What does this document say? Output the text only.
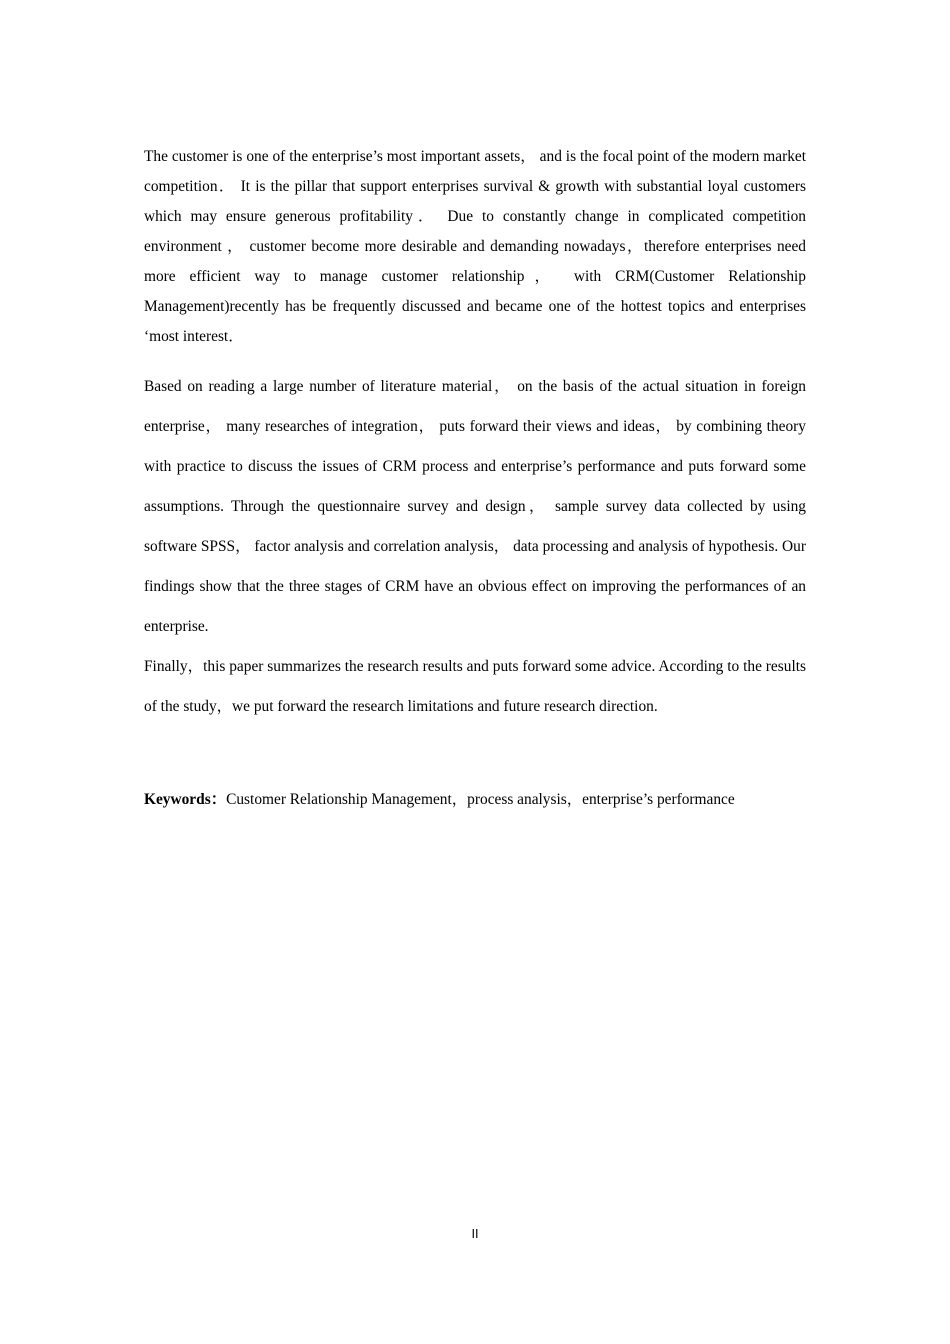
The customer is one of the enterprise’s most important assets， and is the focal point of the modern market competition． It is the pillar that support enterprises survival & growth with substantial loyal customers which may ensure generous profitability． Due to constantly change in complicated competition environment ， customer become more desirable and demanding nowadays，therefore enterprises need more efficient way to manage customer relationship， with CRM(Customer Relationship Management)recently has be frequently discussed and became one of the hottest topics and enterprises ‘most interest．

Based on reading a large number of literature material， on the basis of the actual situation in foreign enterprise， many researches of integration， puts forward their views and ideas， by combining theory with practice to discuss the issues of CRM process and enterprise’s performance and puts forward some assumptions. Through the questionnaire survey and design， sample survey data collected by using software SPSS， factor analysis and correlation analysis， data processing and analysis of hypothesis. Our findings show that the three stages of CRM have an obvious effect on improving the performances of an enterprise.

Finally，this paper summarizes the research results and puts forward some advice. According to the results of the study，we put forward the research limitations and future research direction.

Keywords：Customer Relationship Management，process analysis，enterprise’s performance

II
